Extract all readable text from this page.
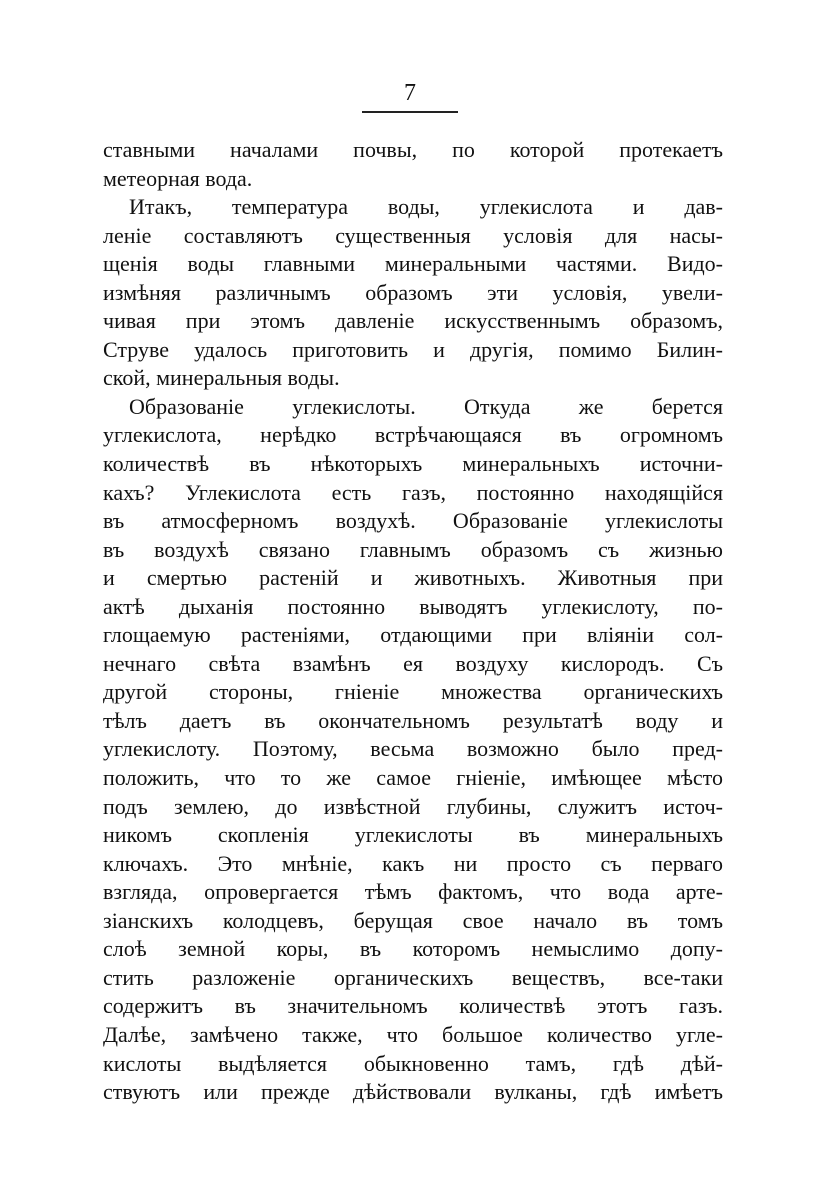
7
ставными началами почвы, по которой протекаетъ
метеорная вода.
Итакъ, температура воды, углекислота и дав-
ленiе составляютъ существенныя условiя для насы-
щенiя воды главными минеральными частями. Видо-
измѣняя различнымъ образомъ эти условiя, увели-
чивая при этомъ давленiе искусственнымъ образомъ,
Струве удалось приготовить и другiя, помимо Билин-
ской, минеральныя воды.
Образованiе углекислоты. Откуда же берется
углекислота, нерѣдко встрѣчающаяся въ огромномъ
количествѣ въ нѣкоторыхъ минеральныхъ источни-
кахъ? Углекислота есть газъ, постоянно находящiйся
въ атмосферномъ воздухѣ. Образованiе углекислоты
въ воздухѣ связано главнымъ образомъ съ жизнью
и смертью растенiй и животныхъ. Животныя при
актѣ дыханiя постоянно выводятъ углекислоту, по-
глощаемую растенiями, отдающими при влiянiи сол-
нечнаго свѣта взамѣнъ ея воздуху кислородъ. Съ
другой стороны, гнiенiе множества органическихъ
тѣлъ даетъ въ окончательномъ результатѣ воду и
углекислоту. Поэтому, весьма возможно было пред-
положить, что то же самое гнiенiе, имѣющее мѣсто
подъ землею, до извѣстной глубины, служитъ источ-
никомъ скопленiя углекислоты въ минеральныхъ
ключахъ. Это мнѣнiе, какъ ни просто съ перваго
взгляда, опровергается тѣмъ фактомъ, что вода арте-
зiанскихъ колодцевъ, берущая свое начало въ томъ
слоѣ земной коры, въ которомъ немыслимо допу-
стить разложенiе органическихъ веществъ, все-таки
содержитъ въ значительномъ количествѣ этотъ газъ.
Далѣе, замѣчено также, что большое количество угле-
кислоты выдѣляется обыкновенно тамъ, гдѣ дѣй-
ствуютъ или прежде дѣйствовали вулканы, гдѣ имѣетъ
